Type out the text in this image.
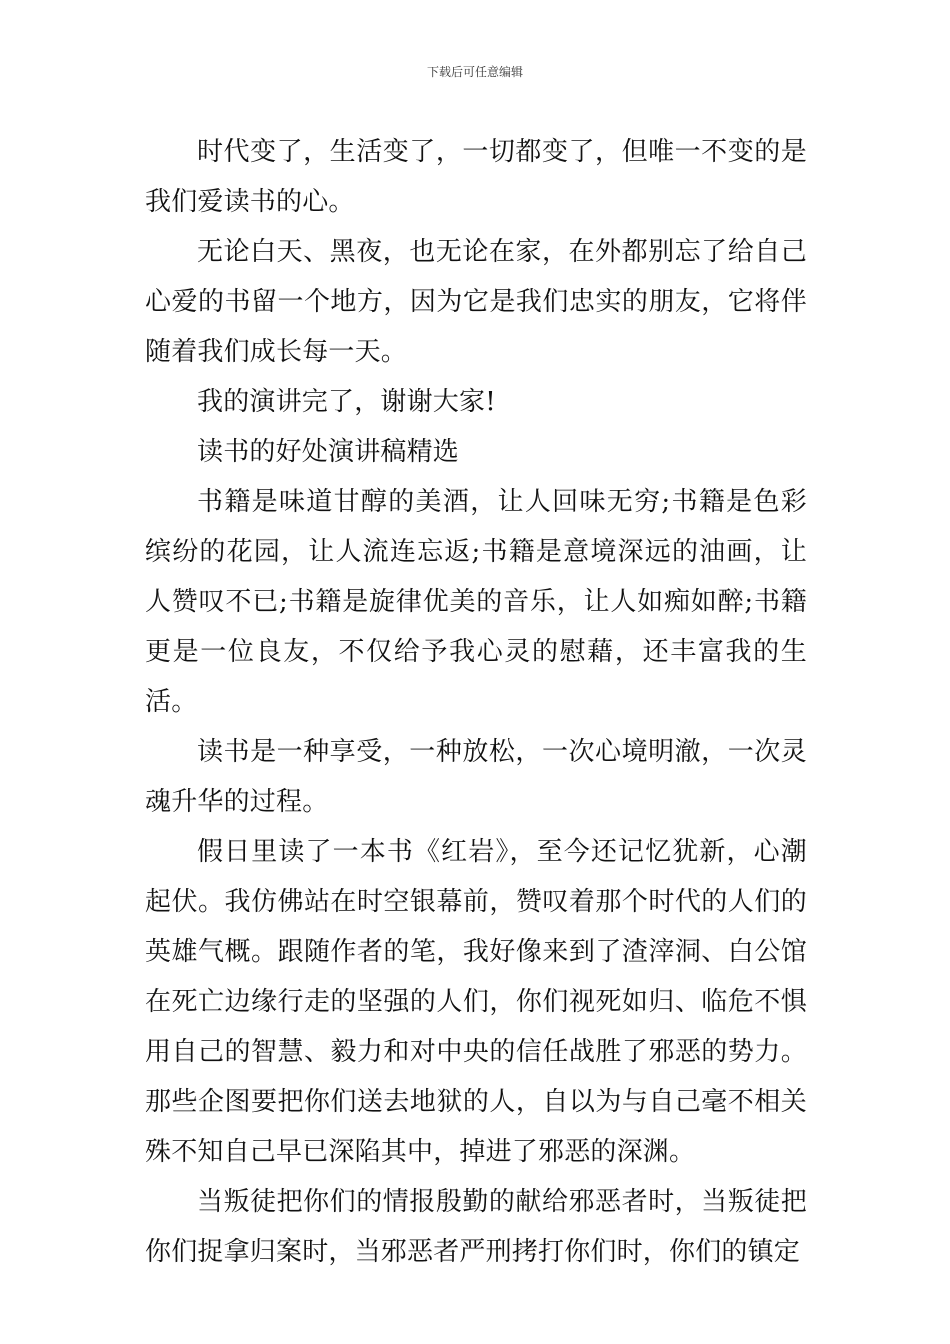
下载后可任意编辑

时代变了，生活变了，一切都变了，但唯一不变的是我们爱读书的心。

无论白天、黑夜，也无论在家，在外都别忘了给自己心爱的书留一个地方，因为它是我们忠实的朋友，它将伴随着我们成长每一天。

我的演讲完了，谢谢大家!

读书的好处演讲稿精选

书籍是味道甘醇的美酒，让人回味无穷;书籍是色彩缤纷的花园，让人流连忘返;书籍是意境深远的油画，让人赞叹不已;书籍是旋律优美的音乐，让人如痴如醉;书籍更是一位良友，不仅给予我心灵的慰藉，还丰富我的生活。

读书是一种享受，一种放松，一次心境明澈，一次灵魂升华的过程。

假日里读了一本书《红岩》，至今还记忆犹新，心潮起伏。我仿佛站在时空银幕前，赞叹着那个时代的人们的英雄气概。跟随作者的笔，我好像来到了渣滓洞、白公馆在死亡边缘行走的坚强的人们，你们视死如归、临危不惧用自己的智慧、毅力和对中央的信任战胜了邪恶的势力。那些企图要把你们送去地狱的人，自以为与自己毫不相关殊不知自己早已深陷其中，掉进了邪恶的深渊。

当叛徒把你们的情报殷勤的献给邪恶者时，当叛徒把你们捉拿归案时，当邪恶者严刑拷打你们时，你们的镇定
